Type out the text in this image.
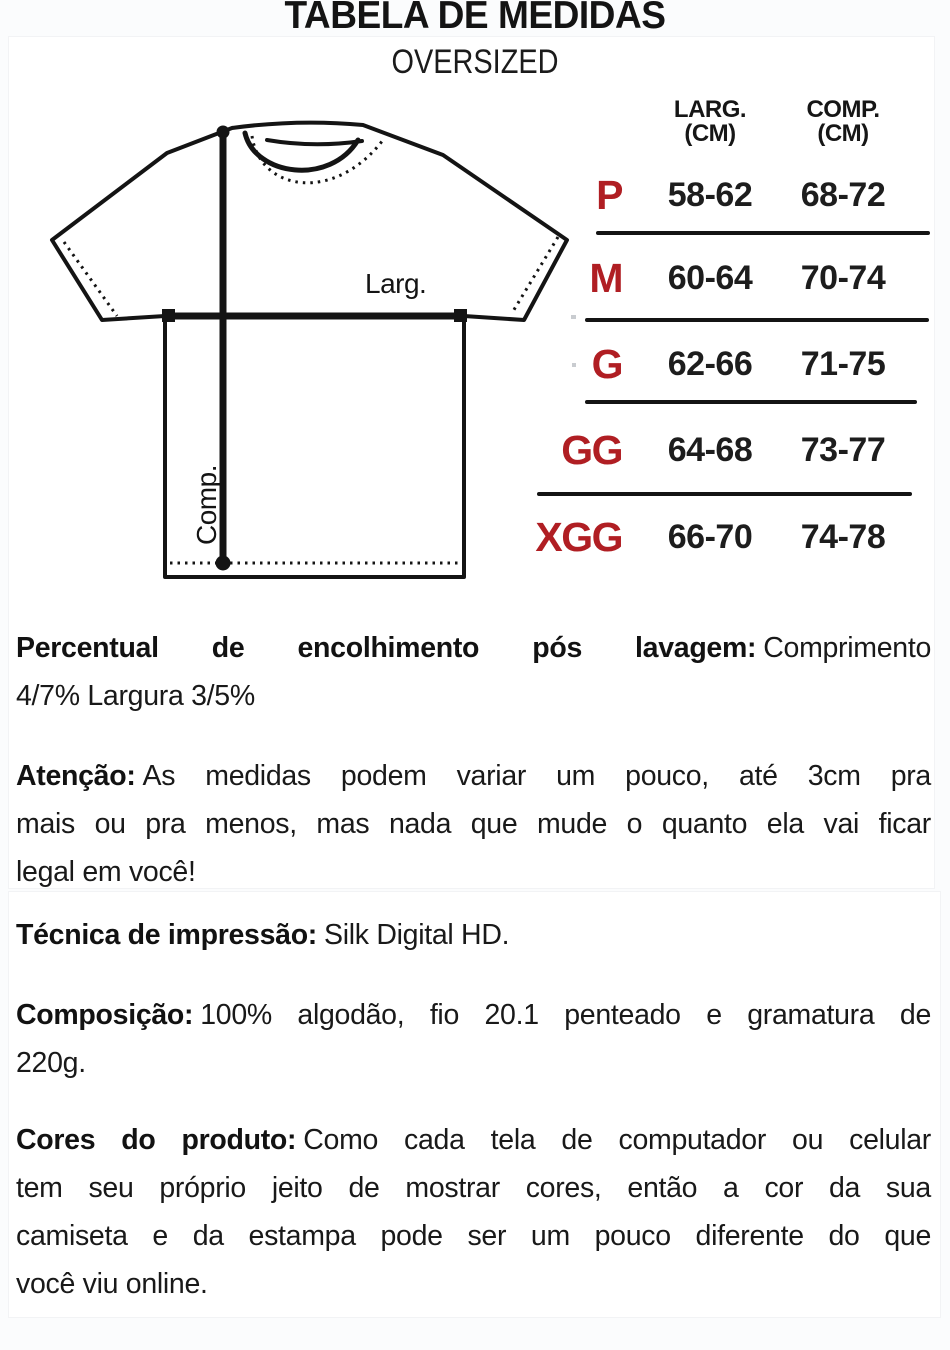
TABELA DE MEDIDAS
OVERSIZED
Larg.
Comp.
LARG.
(CM)
COMP.
(CM)
P	58-62	68-72
M	60-64	70-74
G	62-66	71-75
GG	64-68	73-77
XGG	66-70	74-78
Percentual de encolhimento pós lavagem: Comprimento
4/7% Largura 3/5%
Atenção: As medidas podem variar um pouco, até 3cm pra
mais ou pra menos, mas nada que mude o quanto ela vai ficar
legal em você!
Técnica de impressão: Silk Digital HD.
Composição: 100% algodão, fio 20.1 penteado e gramatura de
220g.
Cores do produto: Como cada tela de computador ou celular
tem seu próprio jeito de mostrar cores, então a cor da sua
camiseta e da estampa pode ser um pouco diferente do que
você viu online.
